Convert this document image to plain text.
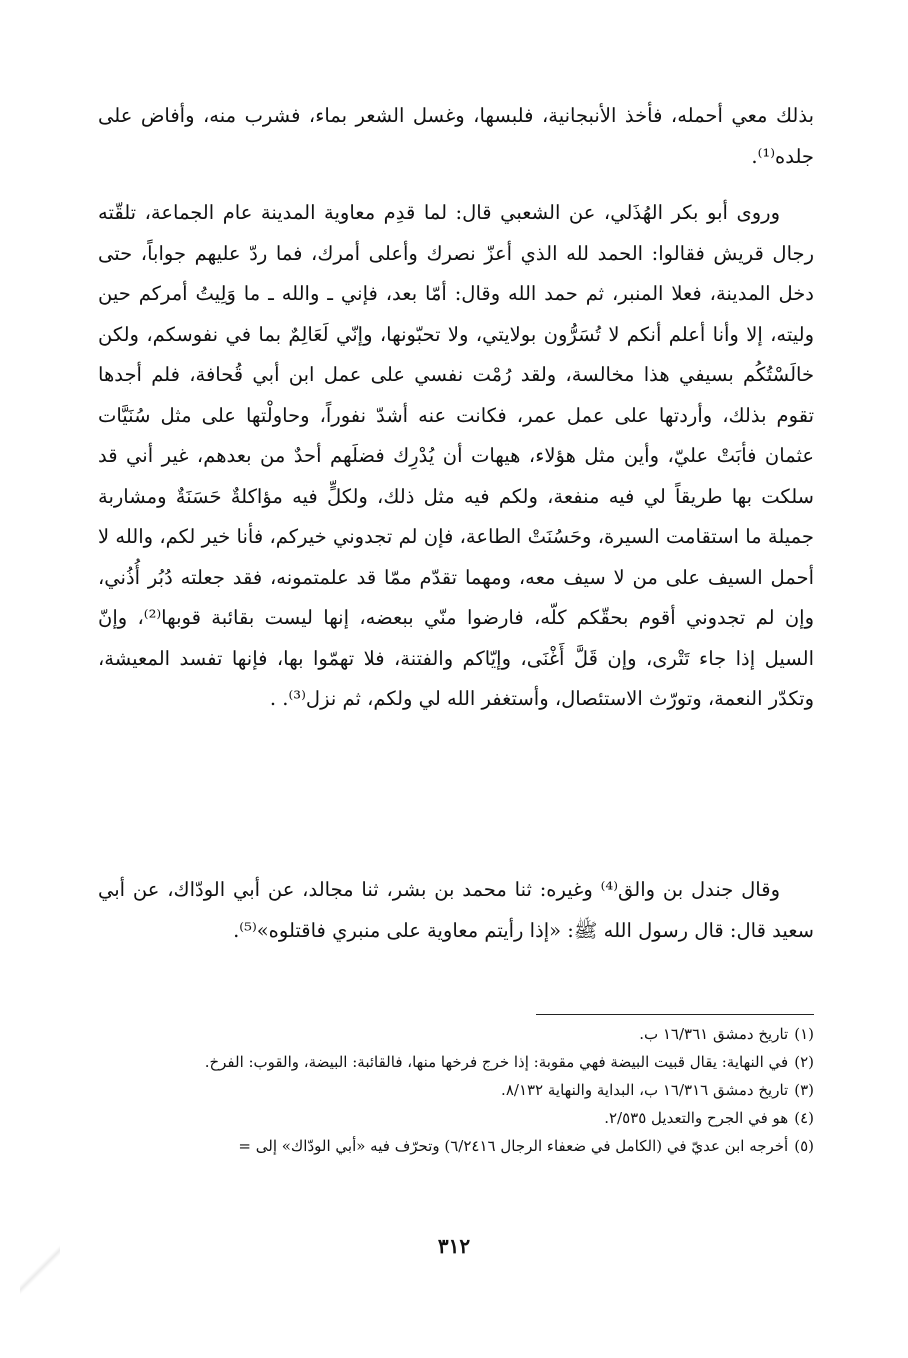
بذلك معي أحمله، فأخذ الأنبجانية، فلبسها، وغسل الشعر بماء، فشرب منه، وأفاض على جلده⁽¹⁾.

وروى أبو بكر الهُذَلي، عن الشعبي قال: لما قدِم معاوية المدينة عام الجماعة، تلقّته رجال قريش فقالوا: الحمد لله الذي أعزّ نصرك وأعلى أمرك، فما ردّ عليهم جواباً، حتى دخل المدينة، فعلا المنبر، ثم حمد الله وقال: أمّا بعد، فإني ـ والله ـ ما وَلِيتُ أمركم حين وليته، إلا وأنا أعلم أنكم لا تُسَرُّون بولايتي، ولا تحبّونها، وإنّي لَعَالِمٌ بما في نفوسكم، ولكن خالَسْتُكُم بسيفي هذا مخالسة، ولقد رُمْت نفسي على عمل ابن أبي قُحافة، فلم أجدها تقوم بذلك، وأردتها على عمل عمر، فكانت عنه أشدّ نفوراً، وحاولْتها على مثل سُنَيَّات عثمان فأبَتْ عليّ، وأين مثل هؤلاء، هيهات أن يُدْرِك فضلَهم أحدٌ من بعدهم، غير أني قد سلكت بها طريقاً لي فيه منفعة، ولكم فيه مثل ذلك، ولكلٍّ فيه مؤاكلةٌ حَسَنَةٌ ومشاربة جميلة ما استقامت السيرة، وحَسُنَتْ الطاعة، فإن لم تجدوني خيركم، فأنا خير لكم، والله لا أحمل السيف على من لا سيف معه، ومهما تقدّم ممّا قد علمتمونه، فقد جعلته دُبُر أُذُني، وإن لم تجدوني أقوم بحقّكم كلّه، فارضوا منّي ببعضه، إنها ليست بقائبة قوبها⁽²⁾، وإنّ السيل إذا جاء تَتْرى، وإن قَلَّ أَغْنَى، وإيّاكم والفتنة، فلا تهمّوا بها، فإنها تفسد المعيشة، وتكدّر النعمة، وتورّث الاستئصال، وأستغفر الله لي ولكم، ثم نزل⁽³⁾. .

وقال جندل بن والق⁽⁴⁾ وغيره: ثنا محمد بن بشر، ثنا مجالد، عن أبي الودّاك، عن أبي سعيد قال: قال رسول الله ﷺ: «إذا رأيتم معاوية على منبري فاقتلوه»⁽⁵⁾.

(١)
تاريخ دمشق ١٦/٣٦١ ب.
(٢)
في النهاية: يقال قبيت البيضة فهي مقوبة: إذا خرج فرخها منها، فالقائبة: البيضة، والقوب: الفرخ.
(٣)
تاريخ دمشق ١٦/٣١٦ ب، البداية والنهاية ٨/١٣٢.
(٤)
هو في الجرح والتعديل ٢/٥٣٥.
(٥)
أخرجه ابن عديّ في (الكامل في ضعفاء الرجال ٦/٢٤١٦) وتحرّف فيه «أبي الودّاك» إلى =
٣١٢
